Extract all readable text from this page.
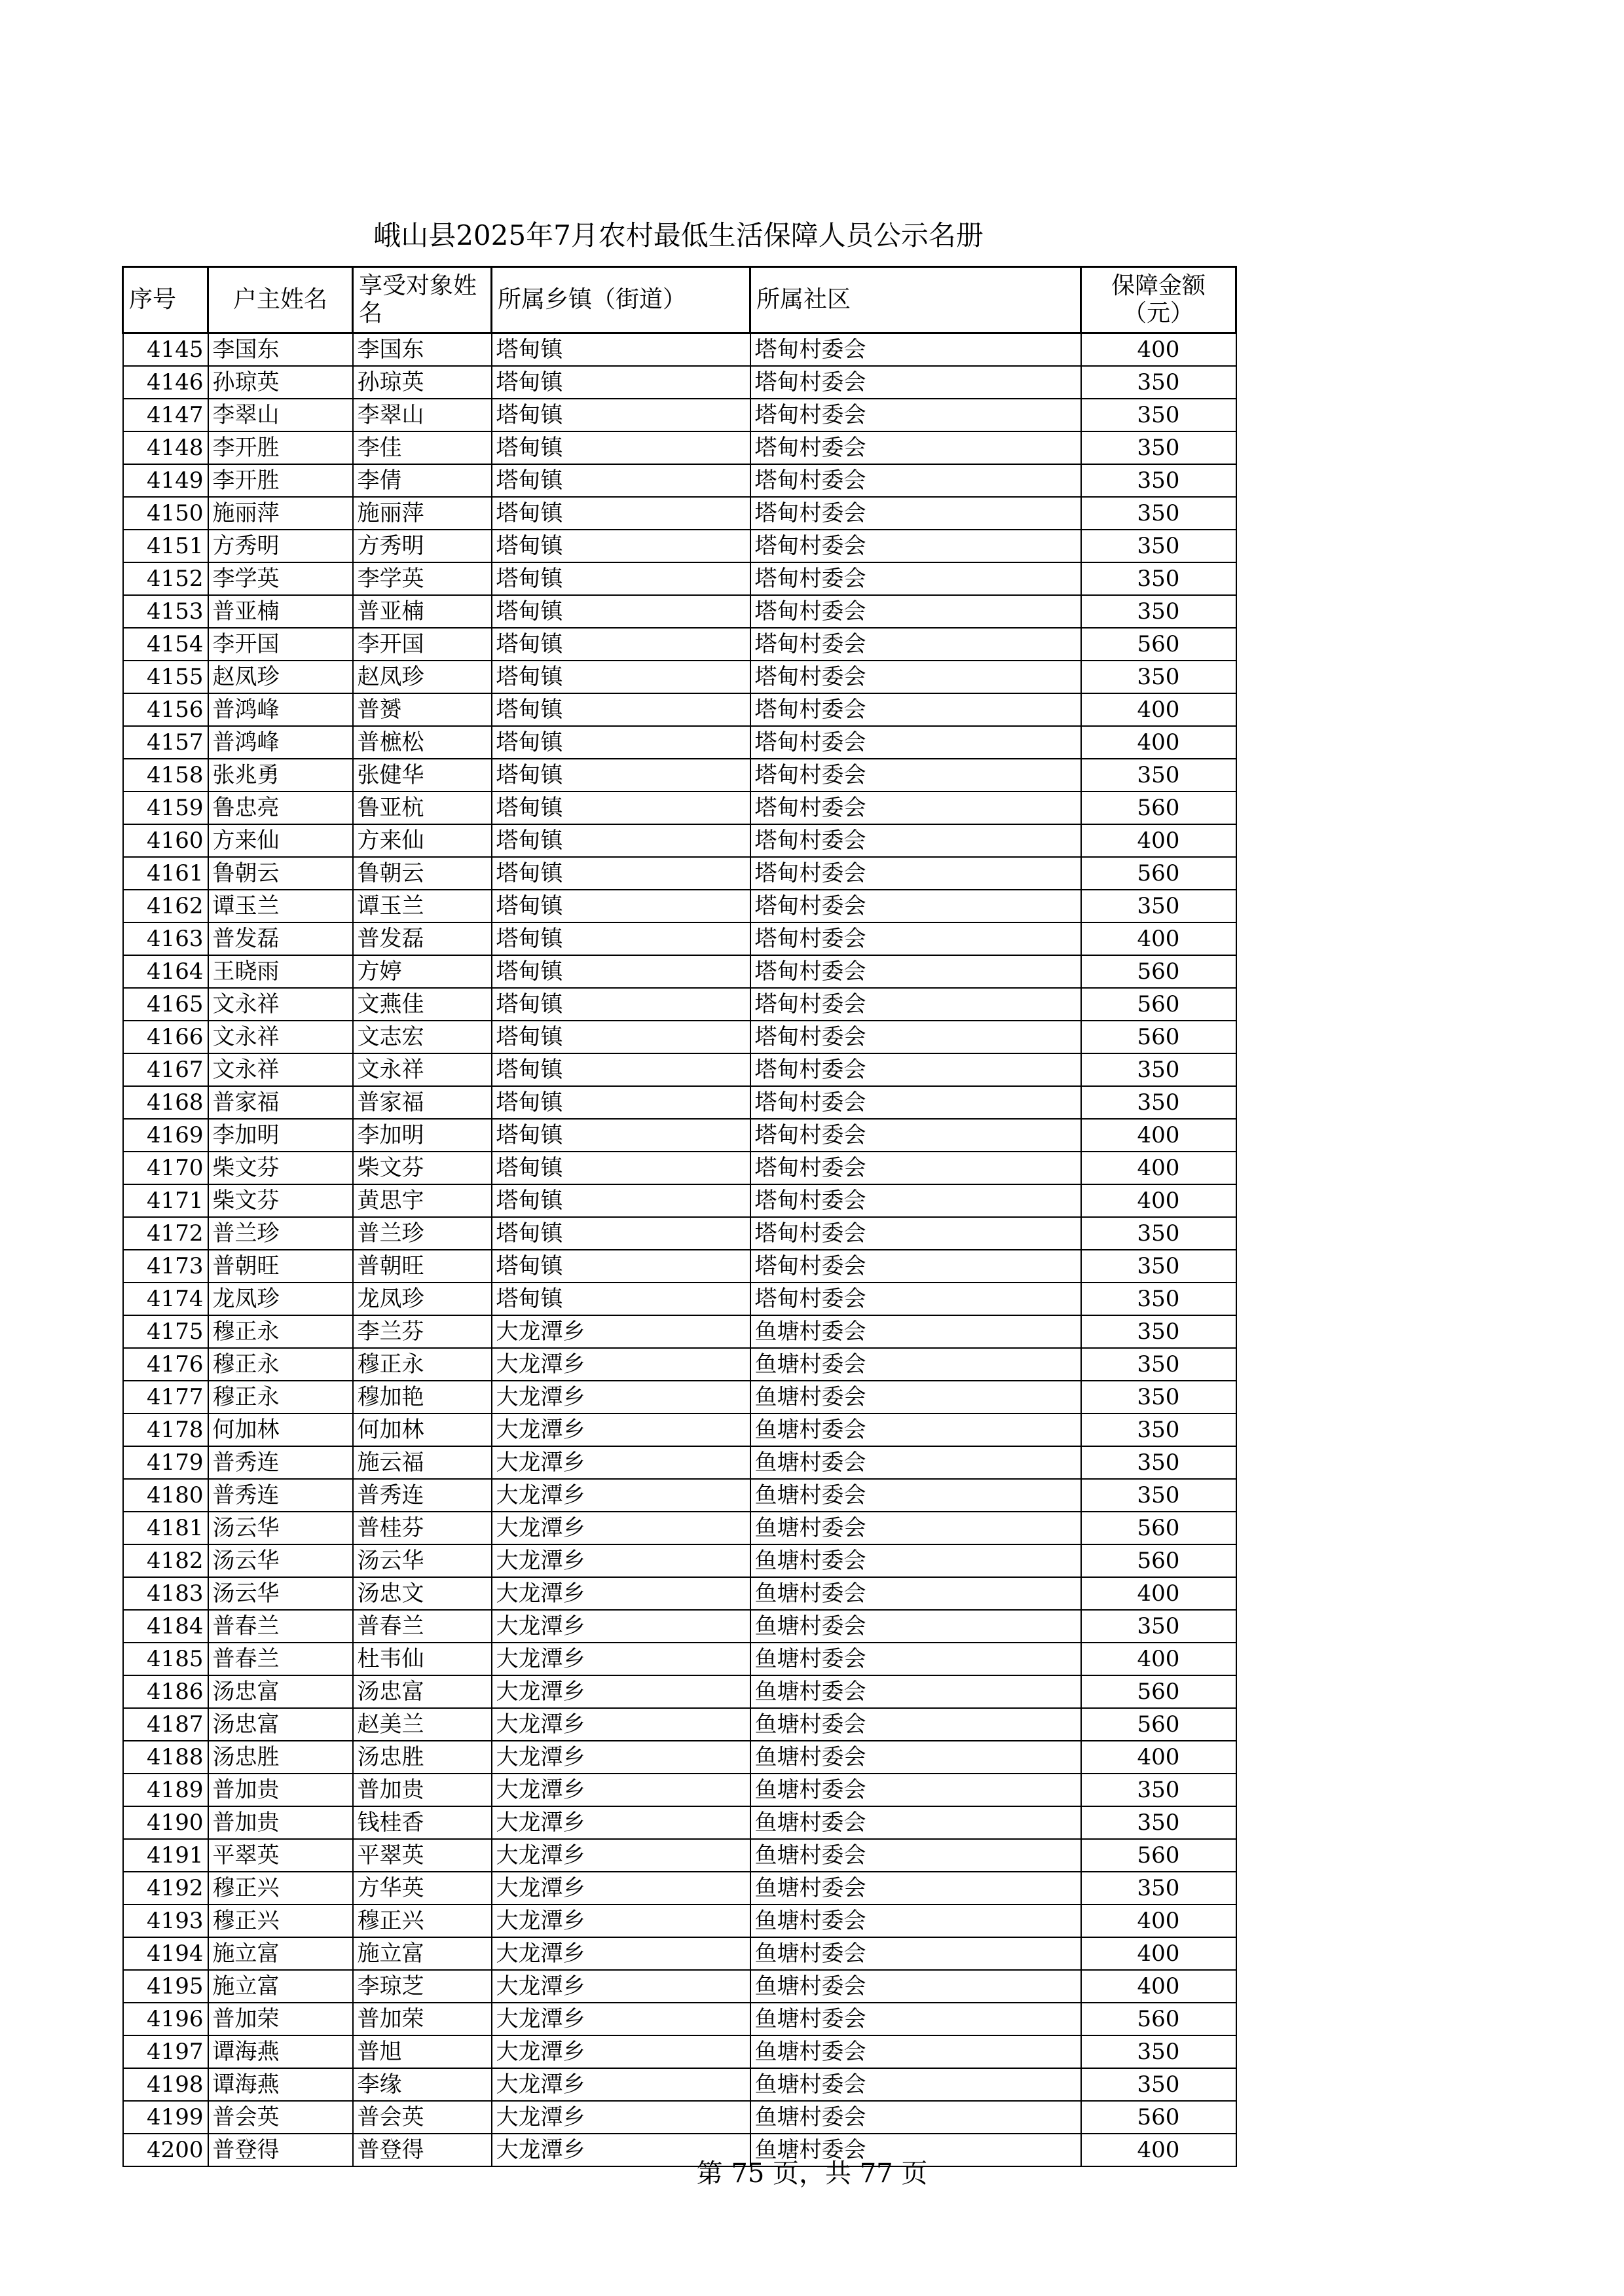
峨山县2025年7月农村最低生活保障人员公示名册
序号	户主姓名	享受对象姓名	所属乡镇（街道）	所属社区	保障金额（元）
4145	李国东	李国东	塔甸镇	塔甸村委会	400
4146	孙琼英	孙琼英	塔甸镇	塔甸村委会	350
4147	李翠山	李翠山	塔甸镇	塔甸村委会	350
4148	李开胜	李佳	塔甸镇	塔甸村委会	350
4149	李开胜	李倩	塔甸镇	塔甸村委会	350
4150	施丽萍	施丽萍	塔甸镇	塔甸村委会	350
4151	方秀明	方秀明	塔甸镇	塔甸村委会	350
4152	李学英	李学英	塔甸镇	塔甸村委会	350
4153	普亚楠	普亚楠	塔甸镇	塔甸村委会	350
4154	李开国	李开国	塔甸镇	塔甸村委会	560
4155	赵凤珍	赵凤珍	塔甸镇	塔甸村委会	350
4156	普鸿峰	普赟	塔甸镇	塔甸村委会	400
4157	普鸿峰	普樜松	塔甸镇	塔甸村委会	400
4158	张兆勇	张健华	塔甸镇	塔甸村委会	350
4159	鲁忠亮	鲁亚杭	塔甸镇	塔甸村委会	560
4160	方来仙	方来仙	塔甸镇	塔甸村委会	400
4161	鲁朝云	鲁朝云	塔甸镇	塔甸村委会	560
4162	谭玉兰	谭玉兰	塔甸镇	塔甸村委会	350
4163	普发磊	普发磊	塔甸镇	塔甸村委会	400
4164	王晓雨	方婷	塔甸镇	塔甸村委会	560
4165	文永祥	文燕佳	塔甸镇	塔甸村委会	560
4166	文永祥	文志宏	塔甸镇	塔甸村委会	560
4167	文永祥	文永祥	塔甸镇	塔甸村委会	350
4168	普家福	普家福	塔甸镇	塔甸村委会	350
4169	李加明	李加明	塔甸镇	塔甸村委会	400
4170	柴文芬	柴文芬	塔甸镇	塔甸村委会	400
4171	柴文芬	黄思宇	塔甸镇	塔甸村委会	400
4172	普兰珍	普兰珍	塔甸镇	塔甸村委会	350
4173	普朝旺	普朝旺	塔甸镇	塔甸村委会	350
4174	龙凤珍	龙凤珍	塔甸镇	塔甸村委会	350
4175	穆正永	李兰芬	大龙潭乡	鱼塘村委会	350
4176	穆正永	穆正永	大龙潭乡	鱼塘村委会	350
4177	穆正永	穆加艳	大龙潭乡	鱼塘村委会	350
4178	何加林	何加林	大龙潭乡	鱼塘村委会	350
4179	普秀连	施云福	大龙潭乡	鱼塘村委会	350
4180	普秀连	普秀连	大龙潭乡	鱼塘村委会	350
4181	汤云华	普桂芬	大龙潭乡	鱼塘村委会	560
4182	汤云华	汤云华	大龙潭乡	鱼塘村委会	560
4183	汤云华	汤忠文	大龙潭乡	鱼塘村委会	400
4184	普春兰	普春兰	大龙潭乡	鱼塘村委会	350
4185	普春兰	杜韦仙	大龙潭乡	鱼塘村委会	400
4186	汤忠富	汤忠富	大龙潭乡	鱼塘村委会	560
4187	汤忠富	赵美兰	大龙潭乡	鱼塘村委会	560
4188	汤忠胜	汤忠胜	大龙潭乡	鱼塘村委会	400
4189	普加贵	普加贵	大龙潭乡	鱼塘村委会	350
4190	普加贵	钱桂香	大龙潭乡	鱼塘村委会	350
4191	平翠英	平翠英	大龙潭乡	鱼塘村委会	560
4192	穆正兴	方华英	大龙潭乡	鱼塘村委会	350
4193	穆正兴	穆正兴	大龙潭乡	鱼塘村委会	400
4194	施立富	施立富	大龙潭乡	鱼塘村委会	400
4195	施立富	李琼芝	大龙潭乡	鱼塘村委会	400
4196	普加荣	普加荣	大龙潭乡	鱼塘村委会	560
4197	谭海燕	普旭	大龙潭乡	鱼塘村委会	350
4198	谭海燕	李缘	大龙潭乡	鱼塘村委会	350
4199	普会英	普会英	大龙潭乡	鱼塘村委会	560
4200	普登得	普登得	大龙潭乡	鱼塘村委会	400
第 75 页，共 77 页
